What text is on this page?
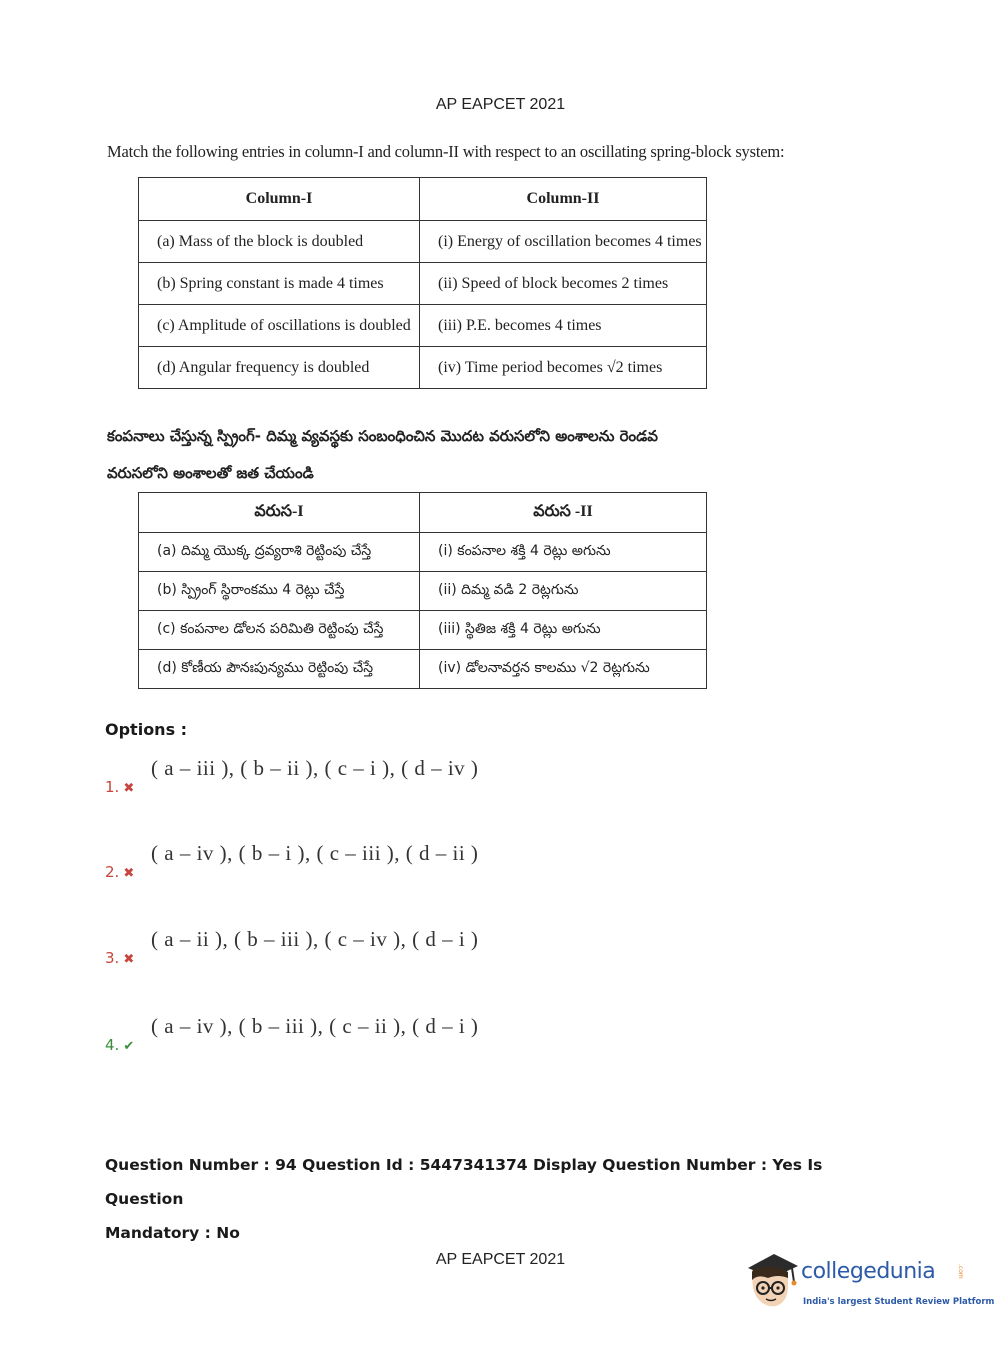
AP EAPCET 2021
Match the following entries in column-I and column-II with respect to an oscillating spring-block system:
Column-I	Column-II
(a) Mass of the block is doubled	(i) Energy of oscillation becomes 4 times
(b) Spring constant is made 4 times	(ii) Speed of block becomes 2 times
(c) Amplitude of oscillations is doubled	(iii) P.E. becomes 4 times
(d) Angular frequency is doubled	(iv) Time period becomes √2 times
కంపనాలు చేస్తున్న స్ప్రింగ్- దిమ్మ వ్యవస్థకు సంబంధించిన మొదట వరుసలోని అంశాలను రెండవ వరుసలోని అంశాలతో జత చేయండి
వరుస-I	వరుస -II
(a) దిమ్మ యొక్క ద్రవ్యరాశి రెట్టింపు చేస్తే	(i) కంపనాల శక్తి 4 రెట్లు అగును
(b) స్ప్రింగ్ స్థిరాంకము 4 రెట్లు చేస్తే	(ii) దిమ్మ వడి 2 రెట్లగును
(c) కంపనాల డోలన పరిమితి రెట్టింపు చేస్తే	(iii) స్థితిజ శక్తి 4 రెట్లు అగును
(d) కోణీయ పౌనఃపున్యము రెట్టింపు చేస్తే	(iv) డోలనావర్తన కాలము √2 రెట్లగును
Options :
1. ✖
( a – iii ), ( b – ii ), ( c – i ), ( d – iv )
2. ✖
( a – iv ), ( b – i ), ( c – iii ), ( d – ii )
3. ✖
( a – ii ), ( b – iii ), ( c – iv ), ( d – i )
4. ✔
( a – iv ), ( b – iii ), ( c – ii ), ( d – i )
Question Number : 94 Question Id : 5447341374 Display Question Number : Yes Is Question
Mandatory : No
AP EAPCET 2021	collegedunia	.com
India's largest Student Review Platform
